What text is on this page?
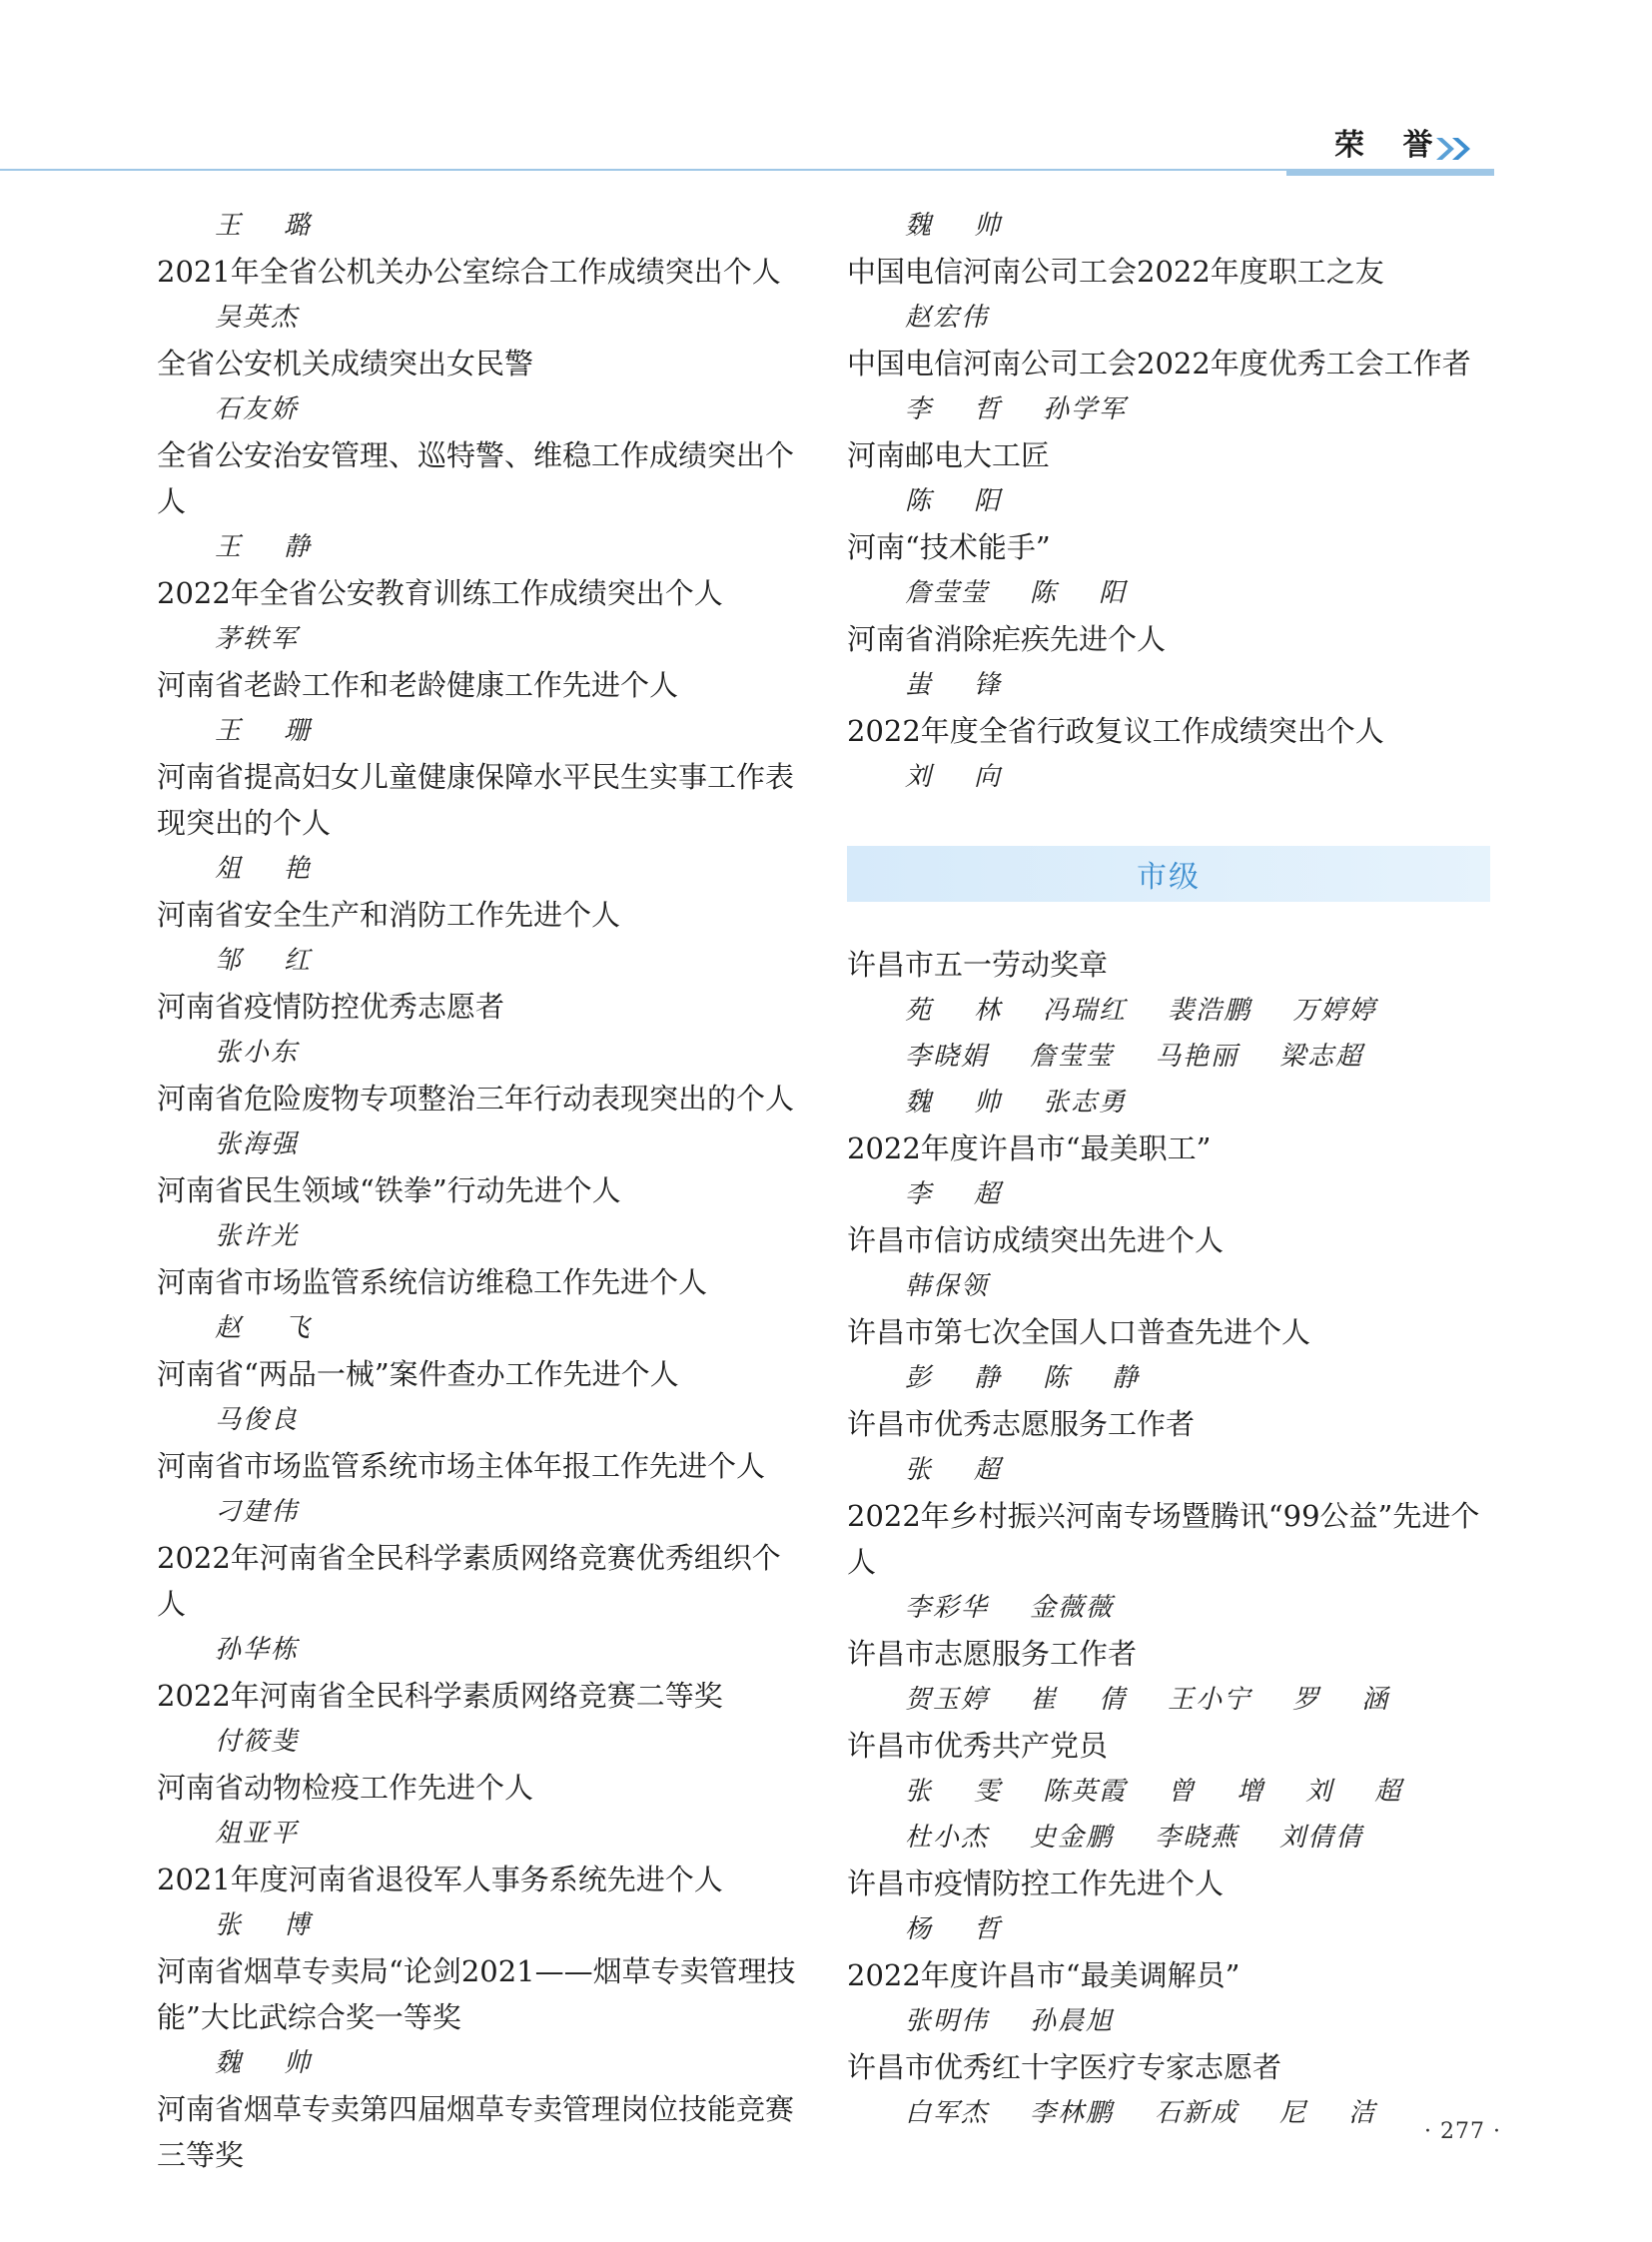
荣 誉

王    璐

2021年全省公机关办公室综合工作成绩突出个人

吴英杰

全省公安机关成绩突出女民警

石友娇

全省公安治安管理、巡特警、维稳工作成绩突出个人

王    静

2022年全省公安教育训练工作成绩突出个人

茅轶军

河南省老龄工作和老龄健康工作先进个人

王    珊

河南省提高妇女儿童健康保障水平民生实事工作表现突出的个人

俎    艳

河南省安全生产和消防工作先进个人

邹    红

河南省疫情防控优秀志愿者

张小东

河南省危险废物专项整治三年行动表现突出的个人

张海强

河南省民生领域“铁拳”行动先进个人

张许光

河南省市场监管系统信访维稳工作先进个人

赵    飞

河南省“两品一械”案件查办工作先进个人

马俊良

河南省市场监管系统市场主体年报工作先进个人

刁建伟

2022年河南省全民科学素质网络竞赛优秀组织个人

孙华栋

2022年河南省全民科学素质网络竞赛二等奖

付筱斐

河南省动物检疫工作先进个人

俎亚平

2021年度河南省退役军人事务系统先进个人

张    博

河南省烟草专卖局“论剑2021——烟草专卖管理技能”大比武综合奖一等奖

魏    帅

河南省烟草专卖第四届烟草专卖管理岗位技能竞赛三等奖

魏    帅

中国电信河南公司工会2022年度职工之友

赵宏伟

中国电信河南公司工会2022年度优秀工会工作者

李    哲    孙学军

河南邮电大工匠

陈    阳

河南“技术能手”

詹莹莹    陈    阳

河南省消除疟疾先进个人

蚩    锋

2022年度全省行政复议工作成绩突出个人

刘    向

市级

许昌市五一劳动奖章

苑    林    冯瑞红    裴浩鹏    万婷婷

李晓娟    詹莹莹    马艳丽    梁志超

魏    帅    张志勇

2022年度许昌市“最美职工”

李    超

许昌市信访成绩突出先进个人

韩保领

许昌市第七次全国人口普查先进个人

彭    静    陈    静

许昌市优秀志愿服务工作者

张    超

2022年乡村振兴河南专场暨腾讯“99公益”先进个人

李彩华    金薇薇

许昌市志愿服务工作者

贺玉婷    崔    倩    王小宁    罗    涵

许昌市优秀共产党员

张    雯    陈英霞    曾    增    刘    超

杜小杰    史金鹏    李晓燕    刘倩倩

许昌市疫情防控工作先进个人

杨    哲

2022年度许昌市“最美调解员”

张明伟    孙晨旭

许昌市优秀红十字医疗专家志愿者

白军杰    李林鹏    石新成    尼    洁

· 277 ·
